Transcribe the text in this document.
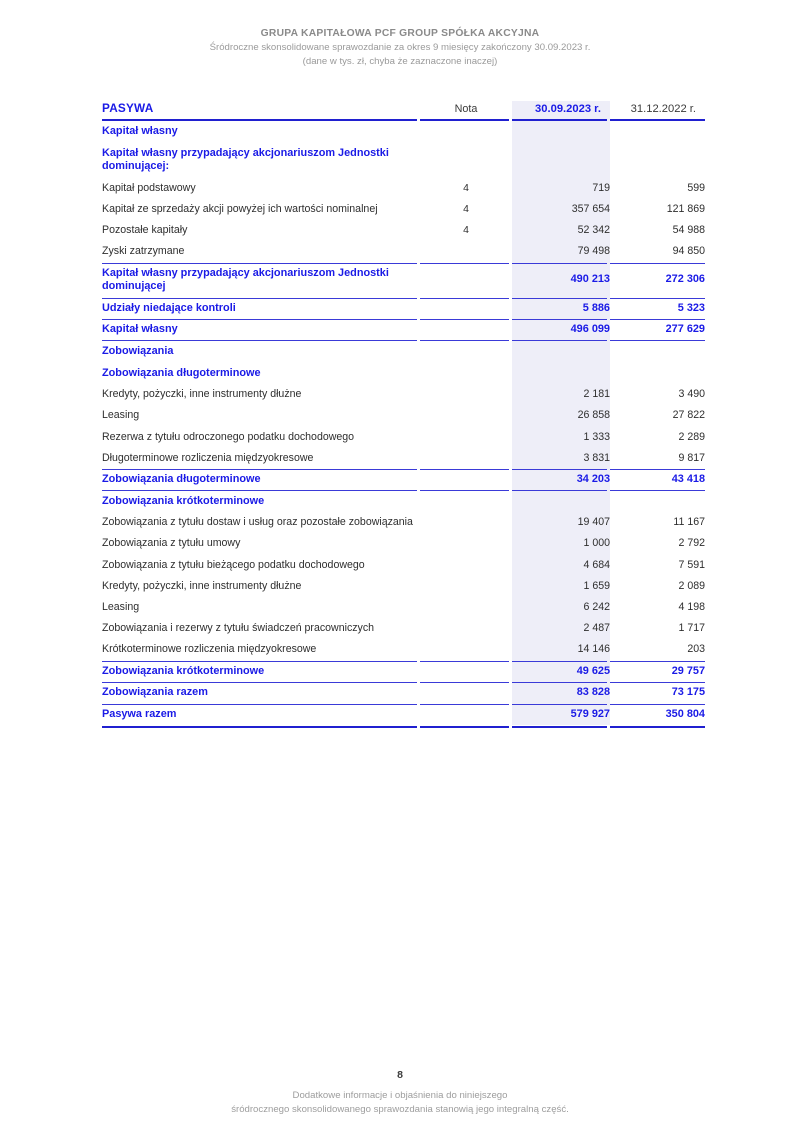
GRUPA KAPITAŁOWA PCF GROUP SPÓŁKA AKCYJNA
Śródroczne skonsolidowane sprawozdanie za okres 9 miesięcy zakończony 30.09.2023 r.
(dane w tys. zł, chyba że zaznaczone inaczej)
PASYWA	Nota	30.09.2023 r.	31.12.2022 r.

Kapitał własny			

Kapitał własny przypadający akcjonariuszom Jednostki dominującej:			

Kapitał podstawowy	4	719	599

Kapitał ze sprzedaży akcji powyżej ich wartości nominalnej	4	357 654	121 869

Pozostałe kapitały	4	52 342	54 988

Zyski zatrzymane		79 498	94 850

Kapitał własny przypadający akcjonariuszom Jednostki dominującej		490 213	272 306

Udziały niedające kontroli		5 886	5 323

Kapitał własny		496 099	277 629

Zobowiązania			

Zobowiązania długoterminowe			

Kredyty, pożyczki, inne instrumenty dłużne		2 181	3 490

Leasing		26 858	27 822

Rezerwa z tytułu odroczonego podatku dochodowego		1 333	2 289

Długoterminowe rozliczenia międzyokresowe		3 831	9 817

Zobowiązania długoterminowe		34 203	43 418

Zobowiązania krótkoterminowe			

Zobowiązania z tytułu dostaw i usług oraz pozostałe zobowiązania		19 407	11 167

Zobowiązania z tytułu umowy		1 000	2 792

Zobowiązania z tytułu bieżącego podatku dochodowego		4 684	7 591

Kredyty, pożyczki, inne instrumenty dłużne		1 659	2 089

Leasing		6 242	4 198

Zobowiązania i rezerwy z tytułu świadczeń pracowniczych		2 487	1 717

Krótkoterminowe rozliczenia międzyokresowe		14 146	203

Zobowiązania krótkoterminowe		49 625	29 757

Zobowiązania razem		83 828	73 175

Pasywa razem		579 927	350 804

8
Dodatkowe informacje i objaśnienia do niniejszego
śródrocznego skonsolidowanego sprawozdania stanowią jego integralną część.
